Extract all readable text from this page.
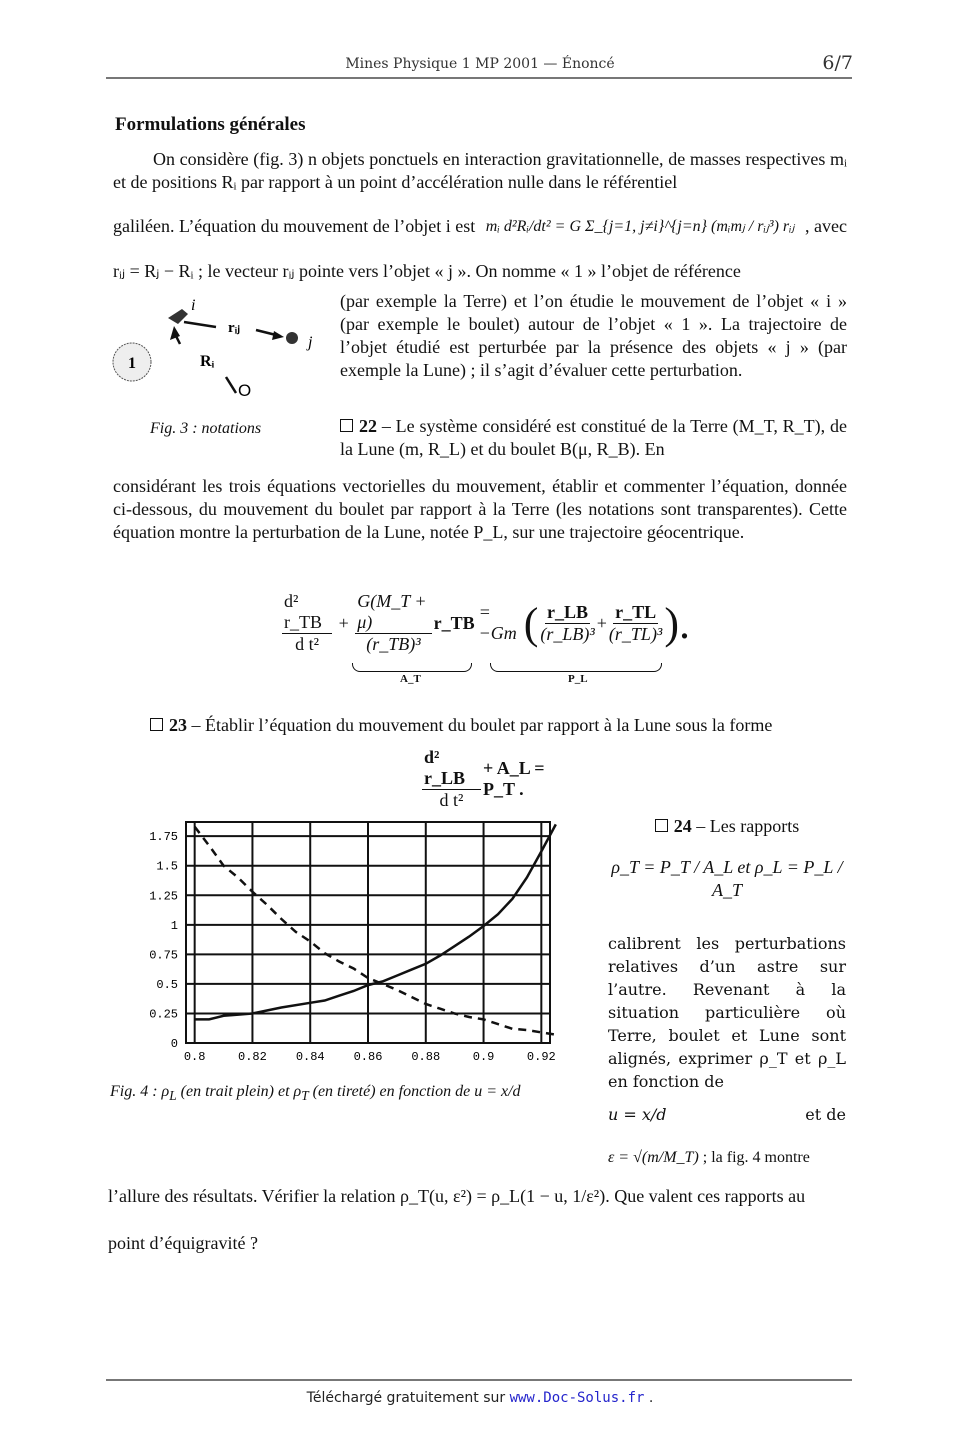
Mines Physique 1 MP 2001 — Énoncé	6/7
Formulations générales
On considère (fig. 3) n objets ponctuels en interaction gravitationnelle, de masses respectives mᵢ et de positions Rᵢ par rapport à un point d’accélération nulle dans le référentiel
galiléen. L’équation du mouvement de l’objet i est mᵢ d²Rᵢ/dt² = G Σ_{j=1, j≠i}^{j=n} (mᵢmⱼ / rᵢⱼ³) rᵢⱼ , avec
rᵢⱼ = Rⱼ − Rᵢ ; le vecteur rᵢⱼ pointe vers l’objet « j ». On nomme « 1 » l’objet de référence
1
i
rᵢⱼ
j
Rᵢ
O
Fig. 3 : notations
(par exemple la Terre) et l’on étudie le mouvement de l’objet « i » (par exemple le boulet) autour de l’objet « 1 ». La trajectoire de l’objet étudié est perturbée par la présence des objets « j » (par exemple la Lune) ; il s’agit d’évaluer cette perturbation.
22 – Le système considéré est constitué de la Terre (M_T, R_T), de la Lune (m, R_L) et du boulet B(μ, R_B). En
considérant les trois équations vectorielles du mouvement, établir et commenter l’équation, donnée ci-dessous, du mouvement du boulet par rapport à la Terre (les notations sont transparentes). Cette équation montre la perturbation de la Lune, notée P_L, sur une trajectoire géocentrique.
$\frac{\text{d² r\_TB}}{\text{d t²}} + \frac{G(M\_T + \mu)}{\text{(r\_TB)³}}$ r_TB
= −Gm ( $\frac{r\_LB}{\text{(r\_LB)³}} + \frac{r\_TL}{\text{(r\_TL)³}}$ ).
A_T	P_L
23 – Établir l’équation du mouvement du boulet par rapport à la Lune sous la forme
$\frac{\text{d² r\_LB}}{\text{d t²}}$ + A_L = P_T .
0
0.25
0.5
0.75
1
1.25
1.5
1.75
0.8	0.82 0.84 0.86 0.88	0.9	0.92
Fig. 4 : $\rho_L$ (en trait plein) et $\rho_T$ (en tireté) en fonction de u = x/d
24 – Les rapports
ρ_T = P_T / A_L et ρ_L = P_L / A_T
calibrent les perturbations relatives d’un astre sur l’autre. Revenant à la situation particulière où Terre, boulet et Lune sont alignés, exprimer ρ_T et ρ_L en fonction de
u = x/d	et de
ε = √(m/M_T) ; la fig. 4 montre
l’allure des résultats. Vérifier la relation ρ_T(u, ε²) = ρ_L(1 − u, 1/ε²). Que valent ces rapports au
point d’équigravité ?
Téléchargé gratuitement sur www.Doc-Solus.fr .
